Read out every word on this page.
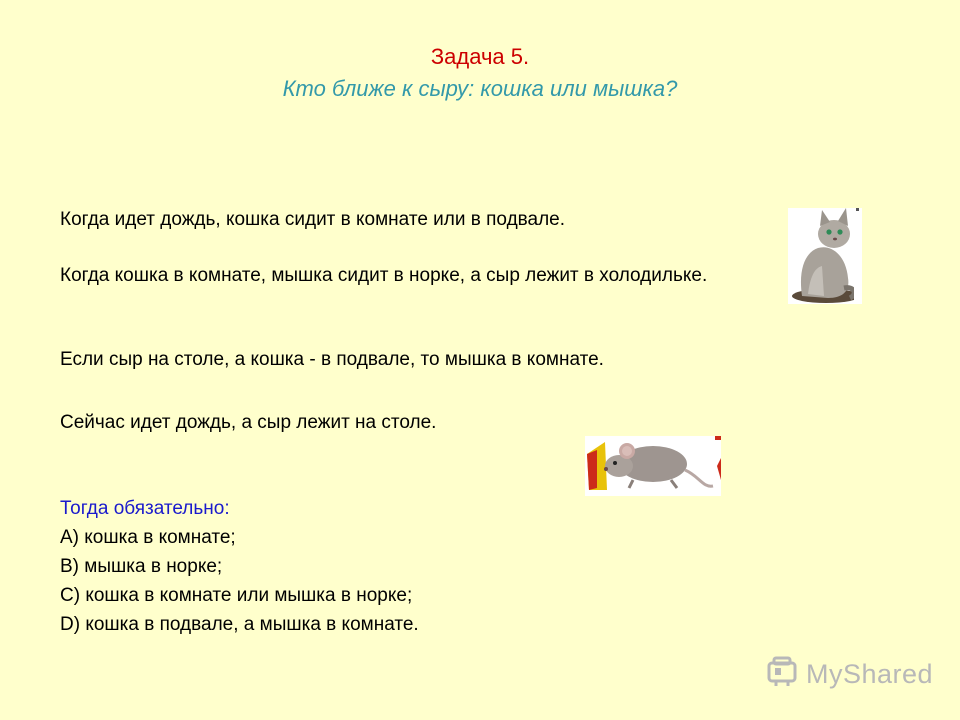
Задача 5.
Кто ближе к сыру: кошка или мышка?
Когда идет дождь, кошка сидит в комнате или в подвале.
Когда кошка в комнате, мышка сидит в норке, а сыр лежит в холодильке.
Если сыр на столе, а кошка - в подвале, то мышка в комнате.
Сейчас идет дождь, а сыр лежит на столе.
Тогда обязательно:
А) кошка в комнате;
В) мышка в норке;
С) кошка в комнате или мышка в норке;
D) кошка в подвале, а мышка в комнате.
MyShared
